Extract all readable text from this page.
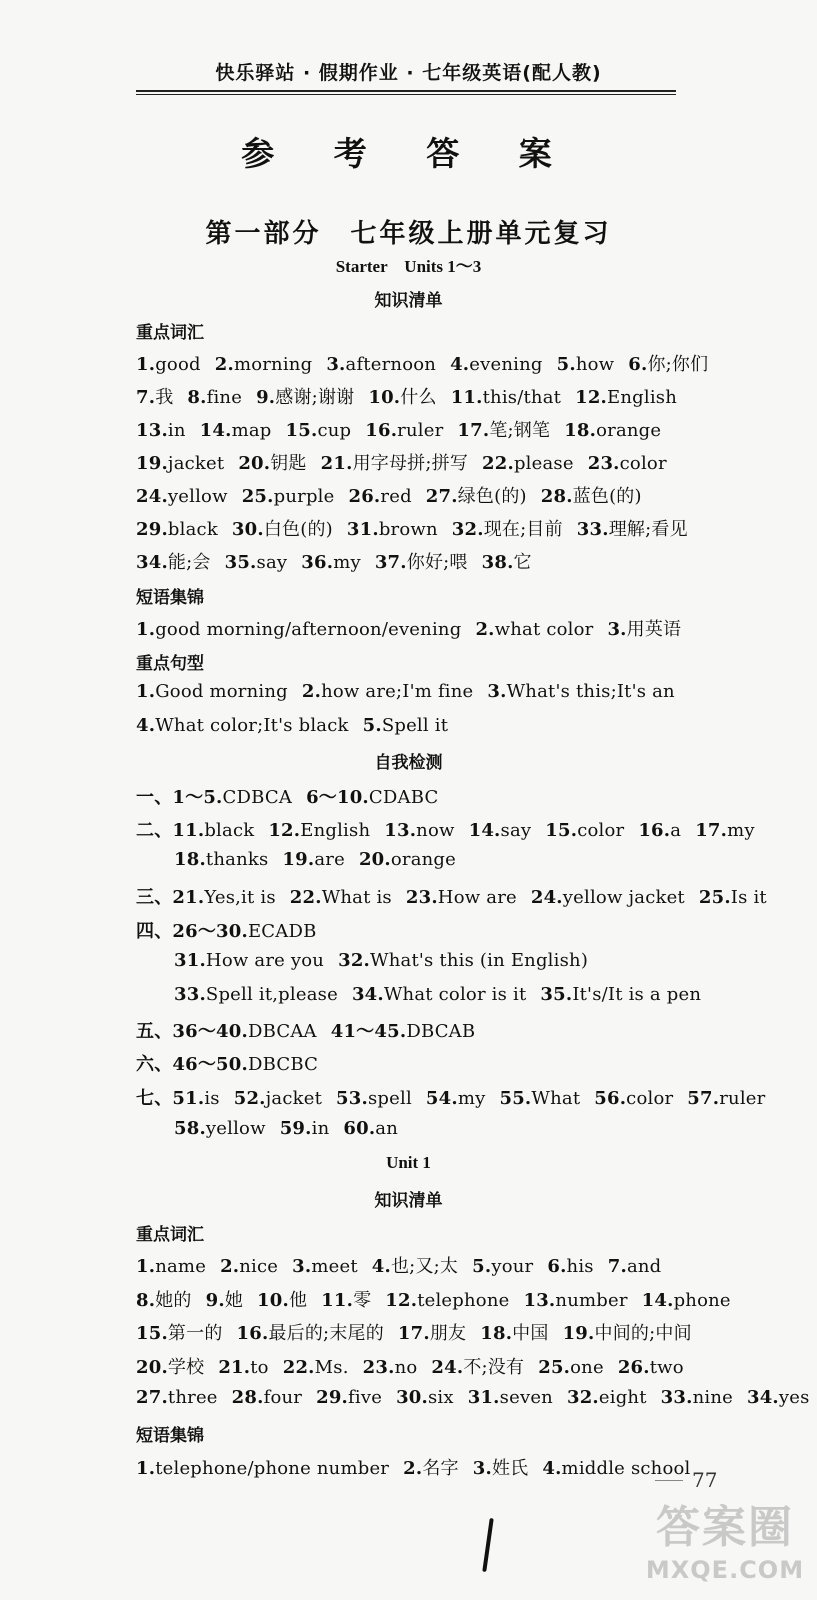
快乐驿站 · 假期作业 · 七年级英语(配人教)
参 考 答 案
第一部分　七年级上册单元复习
Starter　Units 1～3
知识清单
重点词汇
1.good 2.morning 3.afternoon 4.evening 5.how 6.你;你们
7.我 8.fine 9.感谢;谢谢 10.什么 11.this/that 12.English
13.in 14.map 15.cup 16.ruler 17.笔;钢笔 18.orange
19.jacket 20.钥匙 21.用字母拼;拼写 22.please 23.color
24.yellow 25.purple 26.red 27.绿色(的) 28.蓝色(的)
29.black 30.白色(的) 31.brown 32.现在;目前 33.理解;看见
34.能;会 35.say 36.my 37.你好;喂 38.它
短语集锦
1.good morning/afternoon/evening 2.what color 3.用英语
重点句型
1.Good morning 2.how are;I'm fine 3.What's this;It's an
4.What color;It's black 5.Spell it
自我检测
一、1～5.CDBCA 6～10.CDABC
二、11.black 12.English 13.now 14.say 15.color 16.a 17.my
18.thanks 19.are 20.orange
三、21.Yes,it is 22.What is 23.How are 24.yellow jacket 25.Is it
四、26～30.ECADB
31.How are you 32.What's this (in English)
33.Spell it,please 34.What color is it 35.It's/It is a pen
五、36～40.DBCAA 41～45.DBCAB
六、46～50.DBCBC
七、51.is 52.jacket 53.spell 54.my 55.What 56.color 57.ruler
58.yellow 59.in 60.an
Unit 1
知识清单
重点词汇
1.name 2.nice 3.meet 4.也;又;太 5.your 6.his 7.and
8.她的 9.她 10.他 11.零 12.telephone 13.number 14.phone
15.第一的 16.最后的;末尾的 17.朋友 18.中国 19.中间的;中间
20.学校 21.to 22.Ms. 23.no 24.不;没有 25.one 26.two
27.three 28.four 29.five 30.six 31.seven 32.eight 33.nine 34.yes
短语集锦
1.telephone/phone number 2.名字 3.姓氏 4.middle school 77
答案圈
MXQE.COM
